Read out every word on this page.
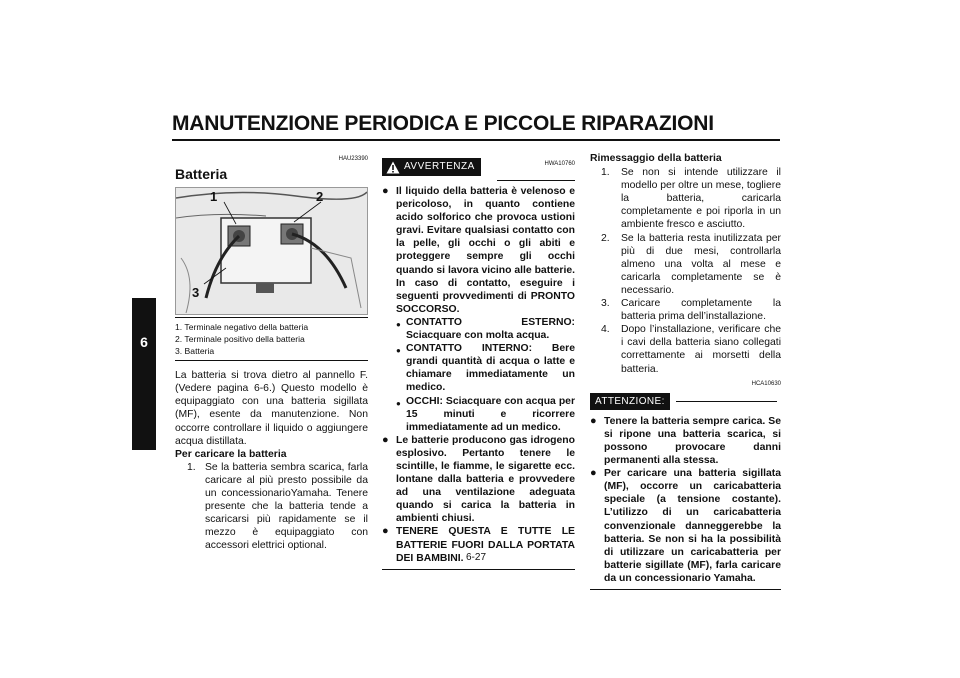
MANUTENZIONE PERIODICA E PICCOLE RIPARAZIONI
6
HAU23390
Batteria
1	2
3
1. Terminale negativo della batteria
2. Terminale positivo della batteria
3. Batteria

La batteria si trova dietro al pannello F. (Vedere pagina 6-6.) Questo modello è equipaggiato con una batteria sigillata (MF), esente da manutenzione. Non occorre controllare il liquido o aggiungere acqua distillata.

Per caricare la batteria
1. Se la batteria sembra scarica, farla caricare al più presto possibile da un concessionarioYamaha. Tenere presente che la batteria tende a scaricarsi più rapidamente se il mezzo è equipaggiato con accessori elettrici optional.
AVVERTENZA	HWA10760
● Il liquido della batteria è velenoso e pericoloso, in quanto contiene acido solforico che provoca ustioni gravi. Evitare qualsiasi contatto con la pelle, gli occhi o gli abiti e proteggere sempre gli occhi quando si lavora vicino alle batterie. In caso di contatto, eseguire i seguenti provvedimenti di PRONTO SOCCORSO.
● CONTATTO ESTERNO: Sciacquare con molta acqua.
● CONTATTO INTERNO: Bere grandi quantità di acqua o latte e chiamare immediatamente un medico.
● OCCHI: Sciacquare con acqua per 15 minuti e ricorrere immediatamente ad un medico.
● Le batterie producono gas idrogeno esplosivo. Pertanto tenere le scintille, le fiamme, le sigarette ecc. lontane dalla batteria e provvedere ad una ventilazione adeguata quando si carica la batteria in ambienti chiusi.
● TENERE QUESTA E TUTTE LE BATTERIE FUORI DALLA PORTATA DEI BAMBINI.
Rimessaggio della batteria
1.	Se non si intende utilizzare il modello per oltre un mese, togliere la batteria, caricarla completamente e poi riporla in un ambiente fresco e asciutto.
2.	Se la batteria resta inutilizzata per più di due mesi, controllarla almeno una volta al mese e caricarla completamente se è necessario.
3.	Caricare completamente la batteria prima dell’installazione.
4.	Dopo l’installazione, verificare che i cavi della batteria siano collegati correttamente ai morsetti della batteria.
HCA10630
ATTENZIONE:
● Tenere la batteria sempre carica. Se si ripone una batteria scarica, si possono provocare danni permanenti alla stessa.
● Per caricare una batteria sigillata (MF), occorre un caricabatteria speciale (a tensione costante). L’utilizzo di un caricabatteria convenzionale danneggerebbe la batteria. Se non si ha la possibilità di utilizzare un caricabatteria per batterie sigillate (MF), farla caricare da un concessionario Yamaha.
6-27
